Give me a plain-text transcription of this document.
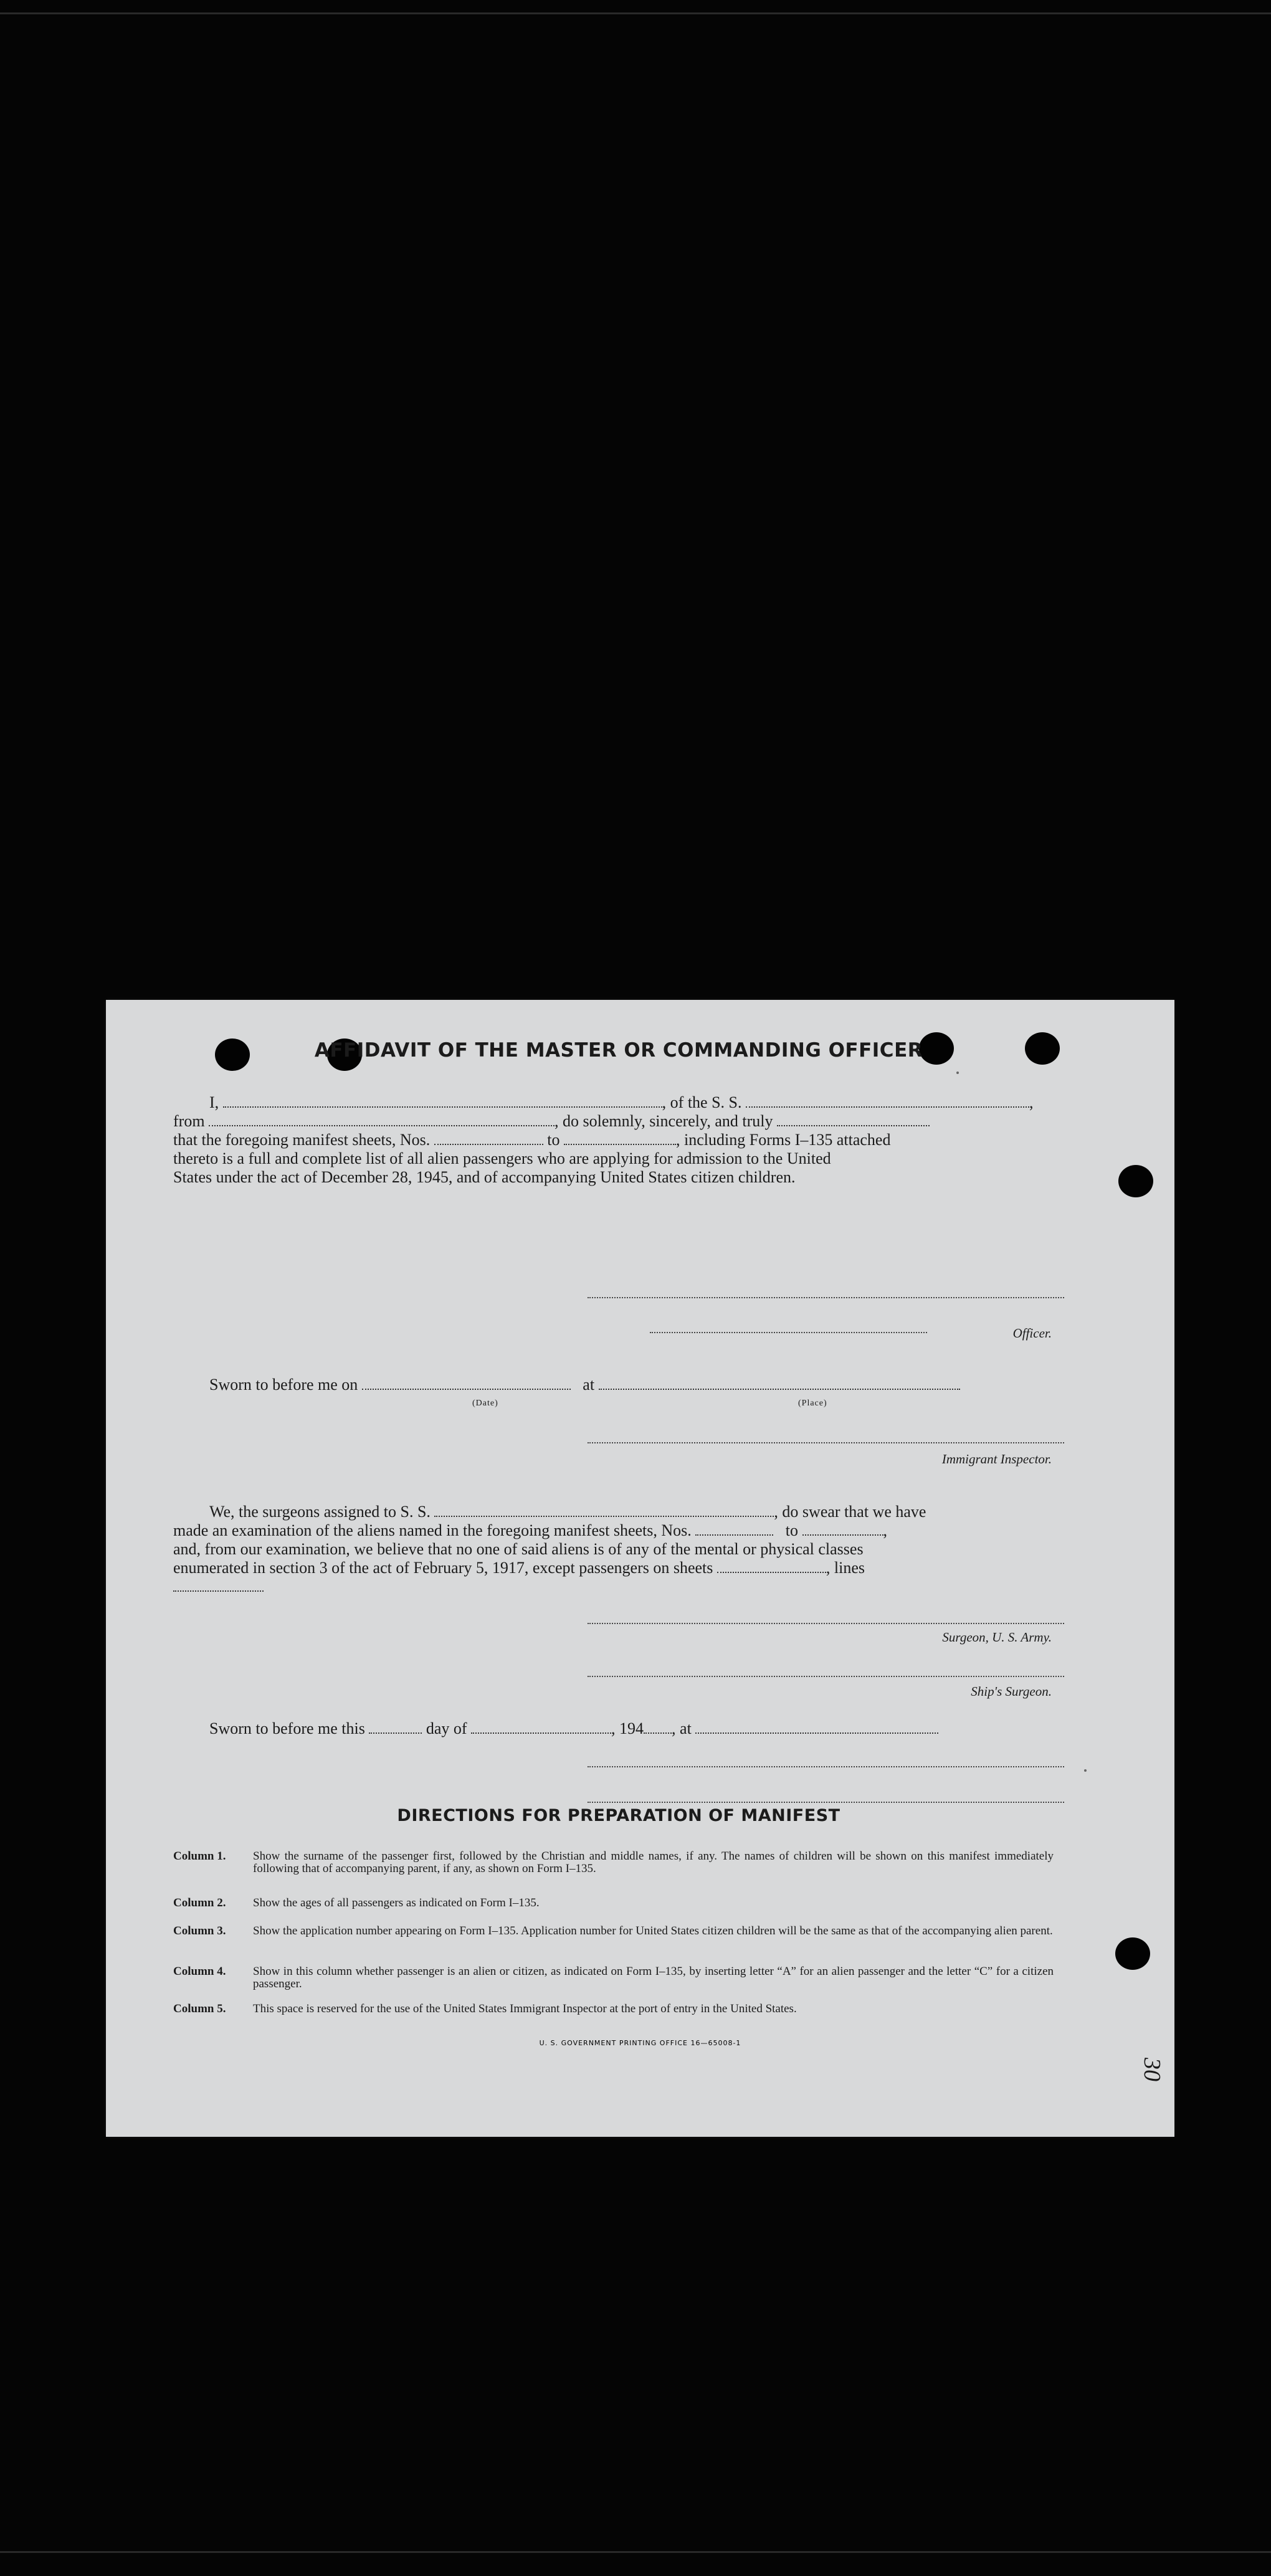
AFFIDAVIT OF THE MASTER OR COMMANDING OFFICER
I,	, of the S. S.	,
from	, do solemnly, sincerely, and truly
that the foregoing manifest sheets, Nos.	to	, including Forms I–135 attached
thereto is a full and complete list of all alien passengers who are applying for admission to the United
States under the act of December 28, 1945, and of accompanying United States citizen children.
Officer.
Sworn to before me on	at
(Date)	(Place)
Immigrant Inspector.
We, the surgeons assigned to S. S.	, do swear that we have
made an examination of the aliens named in the foregoing manifest sheets, Nos.	to	,
and, from our examination, we believe that no one of said aliens is of any of the mental or physical classes
enumerated in section 3 of the act of February 5, 1917, except passengers on sheets	, lines
Surgeon, U. S. Army.
Ship's Surgeon.
Sworn to before me this	day of	, 194 , at
DIRECTIONS FOR PREPARATION OF MANIFEST
Column 1.	Show the surname of the passenger first, followed by the Christian and middle names, if any. The names of children will be shown on this manifest immediately following that of accompanying parent, if any, as shown on Form I–135.
Column 2.	Show the ages of all passengers as indicated on Form I–135.
Column 3.	Show the application number appearing on Form I–135. Application number for United States citizen children will be the same as that of the accompanying alien parent.
Column 4.	Show in this column whether passenger is an alien or citizen, as indicated on Form I–135, by inserting letter “A” for an alien passenger and the letter “C” for a citizen passenger.
Column 5.	This space is reserved for the use of the United States Immigrant Inspector at the port of entry in the United States.
U. S. GOVERNMENT PRINTING OFFICE 16—65008-1
30
